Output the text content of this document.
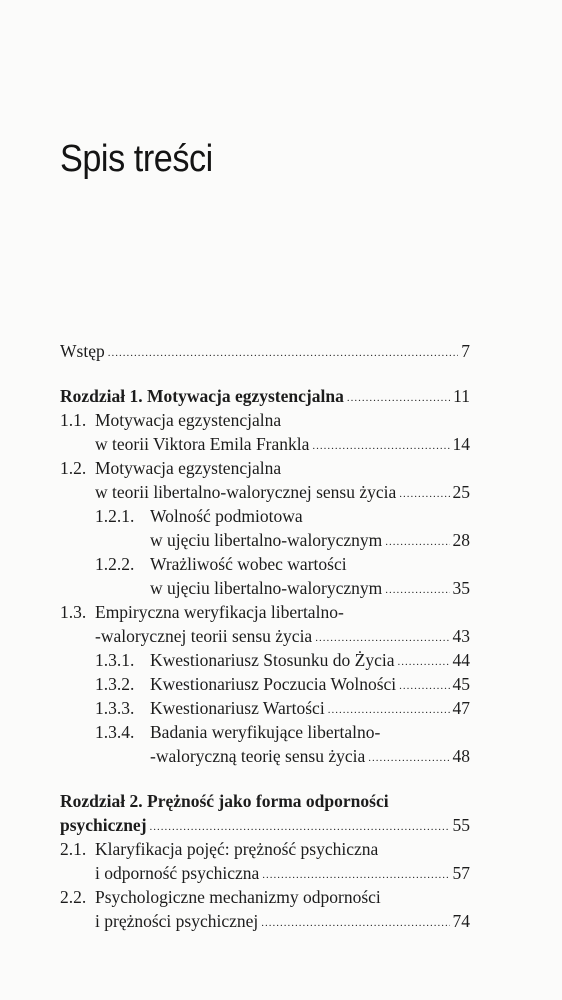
Spis treści
Wstęp .....	7
Rozdział 1. Motywacja egzystencjalna .....	11
1.1. Motywacja egzystencjalna
w teorii Viktora Emila Frankla .....	14
1.2. Motywacja egzystencjalna
w teorii libertalno-walorycznej sensu życia .....	25
1.2.1. Wolność podmiotowa
w ujęciu libertalno-walorycznym .....	28
1.2.2. Wrażliwość wobec wartości
w ujęciu libertalno-walorycznym .....	35
1.3. Empiryczna weryfikacja libertalno-
-walorycznej teorii sensu życia .....	43
1.3.1. Kwestionariusz Stosunku do Życia .....	44
1.3.2. Kwestionariusz Poczucia Wolności .....	45
1.3.3. Kwestionariusz Wartości .....	47
1.3.4. Badania weryfikujące libertalno-
-waloryczną teorię sensu życia .....	48
Rozdział 2. Prężność jako forma odporności
psychicznej .....	55
2.1. Klaryfikacja pojęć: prężność psychiczna
i odporność psychiczna .....	57
2.2. Psychologiczne mechanizmy odporności
i prężności psychicznej .....	74
